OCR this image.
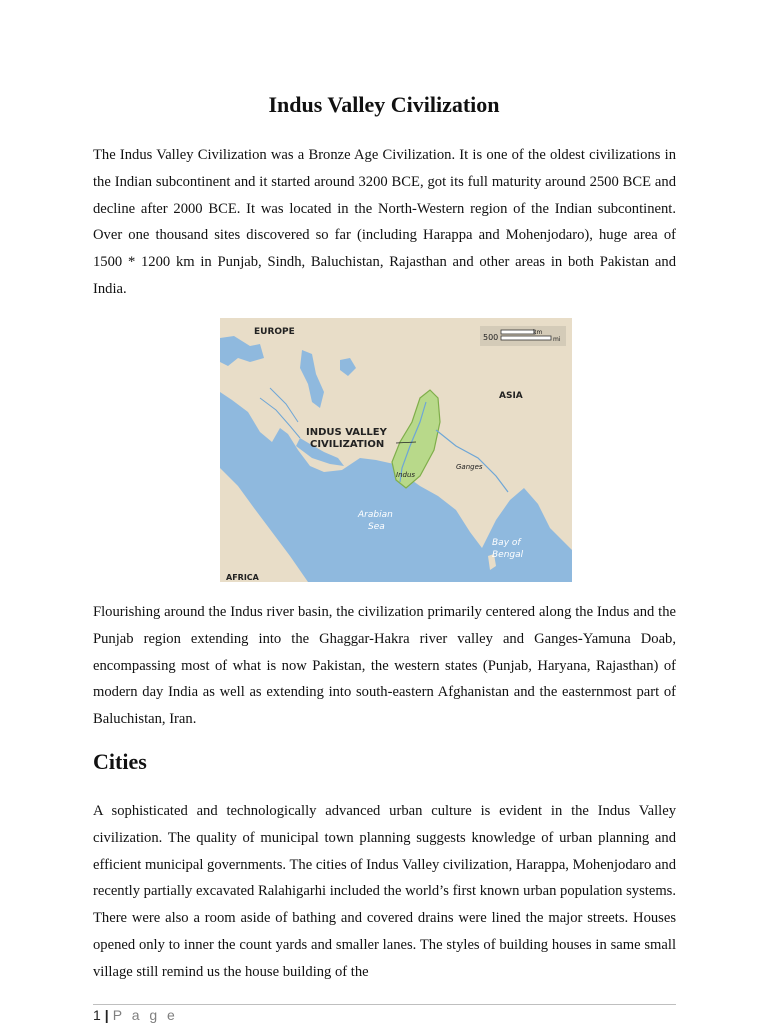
Indus Valley Civilization

The Indus Valley Civilization was a Bronze Age Civilization. It is one of the oldest civilizations in the Indian subcontinent and it started around 3200 BCE, got its full maturity around 2500 BCE and decline after 2000 BCE. It was located in the North-Western region of the Indian subcontinent. Over one thousand sites discovered so far (including Harappa and Mohenjodaro), huge area of 1500 * 1200 km in Punjab, Sindh, Baluchistan, Rajasthan and other areas in both Pakistan and India.

EUROPE
ASIA
AFRICA
INDUS VALLEY
CIVILIZATION
Indus
Ganges
Arabian
Sea
Bay of
Bengal
500
km
mi

Flourishing around the Indus river basin, the civilization primarily centered along the Indus and the Punjab region extending into the Ghaggar-Hakra river valley and Ganges-Yamuna Doab, encompassing most of what is now Pakistan, the western states (Punjab, Haryana, Rajasthan) of modern day India as well as extending into south-eastern Afghanistan and the easternmost part of Baluchistan, Iran.

Cities

A sophisticated and technologically advanced urban culture is evident in the Indus Valley civilization. The quality of municipal town planning suggests knowledge of urban planning and efficient municipal governments. The cities of Indus Valley civilization, Harappa, Mohenjodaro and recently partially excavated Ralahigarhi included the world’s first known urban population systems. There were also a room aside of bathing and covered drains were lined the major streets. Houses opened only to inner the count yards and smaller lanes. The styles of building houses in same small village still remind us the house building of the

1 | P a g e
